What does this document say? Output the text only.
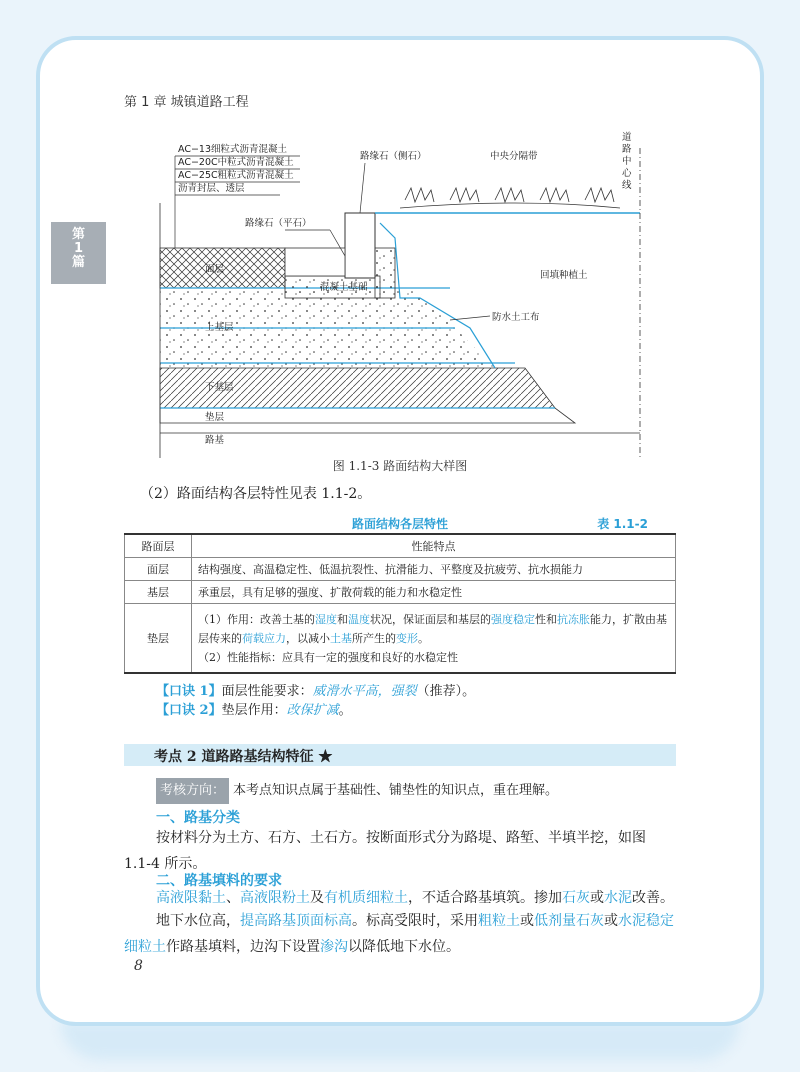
第 1 章 城镇道路工程
第
1
篇
AC−13细粒式沥青混凝土
AC−20C中粒式沥青混凝土
AC−25C粗粒式沥青混凝土
沥青封层、透层
路缘石（侧石）	中央分隔带
路缘石（平石）
面层
混凝土基础
回填种植土
防水土工布
上基层
下基层
垫层
路基
道路中心线
图 1.1-3 路面结构大样图
（2）路面结构各层特性见表 1.1-2。
路面结构各层特性	表 1.1-2
路面层	性能特点
面层	结构强度、高温稳定性、低温抗裂性、抗滑能力、平整度及抗疲劳、抗水损能力
基层	承重层，具有足够的强度、扩散荷载的能力和水稳定性
垫层	（1）作用：改善土基的湿度和温度状况，保证面层和基层的强度稳定性和抗冻胀能力，扩散由基层传来的荷载应力，以减小土基所产生的变形。
（2）性能指标：应具有一定的强度和良好的水稳定性
【口诀 1】面层性能要求：威滑水平高，强裂（推荐）。
【口诀 2】垫层作用：改保扩减。
考点 2 道路路基结构特征 ★
考核方向： 本考点知识点属于基础性、铺垫性的知识点，重在理解。
一、路基分类
按材料分为土方、石方、土石方。按断面形式分为路堤、路堑、半填半挖，如图 1.1-4 所示。
二、路基填料的要求
高液限黏土、高液限粉土及有机质细粒土，不适合路基填筑。掺加石灰或水泥改善。
地下水位高，提高路基顶面标高。标高受限时，采用粗粒土或低剂量石灰或水泥稳定细粒土作路基填料，边沟下设置渗沟以降低地下水位。
8
